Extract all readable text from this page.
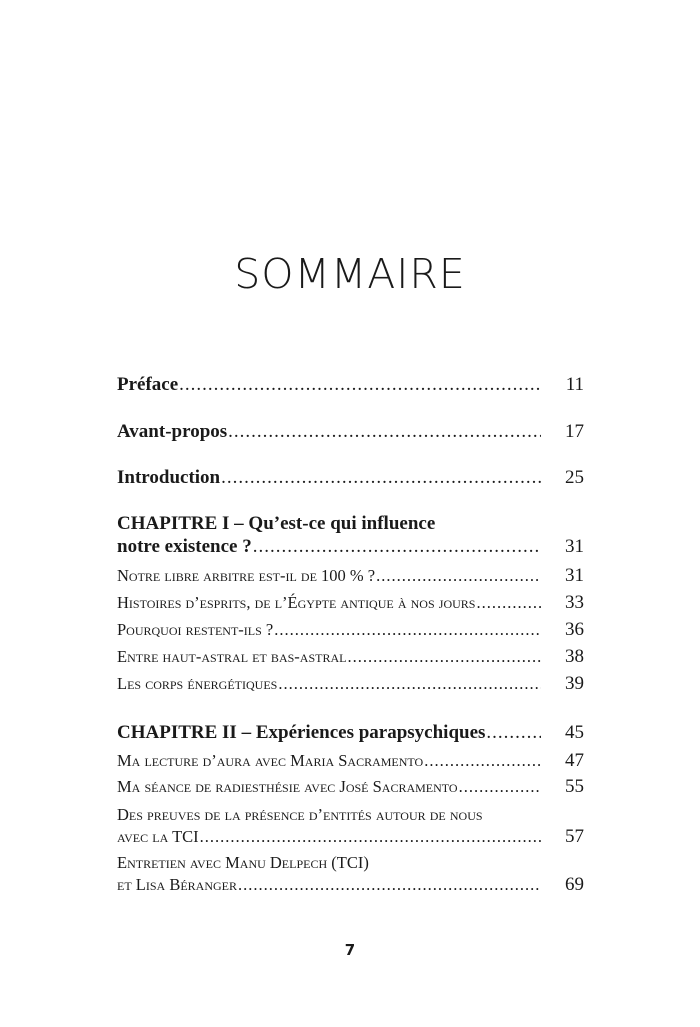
SOMMAIRE
Préface .....	11
Avant-propos .....	17
Introduction .....	25
CHAPITRE I – Qu’est-ce qui influence
notre existence ? .....	31
Notre libre arbitre est-il de 100 % ? .....	31
Histoires d’esprits, de l’Égypte antique à nos jours .....	33
Pourquoi restent-ils ? .....	36
Entre haut-astral et bas-astral .....	38
Les corps énergétiques .....	39
CHAPITRE II – Expériences parapsychiques .....	45
Ma lecture d’aura avec Maria Sacramento .....	47
Ma séance de radiesthésie avec José Sacramento .....	55
Des preuves de la présence d’entités autour de nous
avec la TCI .....	57
Entretien avec Manu Delpech (TCI)
et Lisa Béranger .....	69
7
